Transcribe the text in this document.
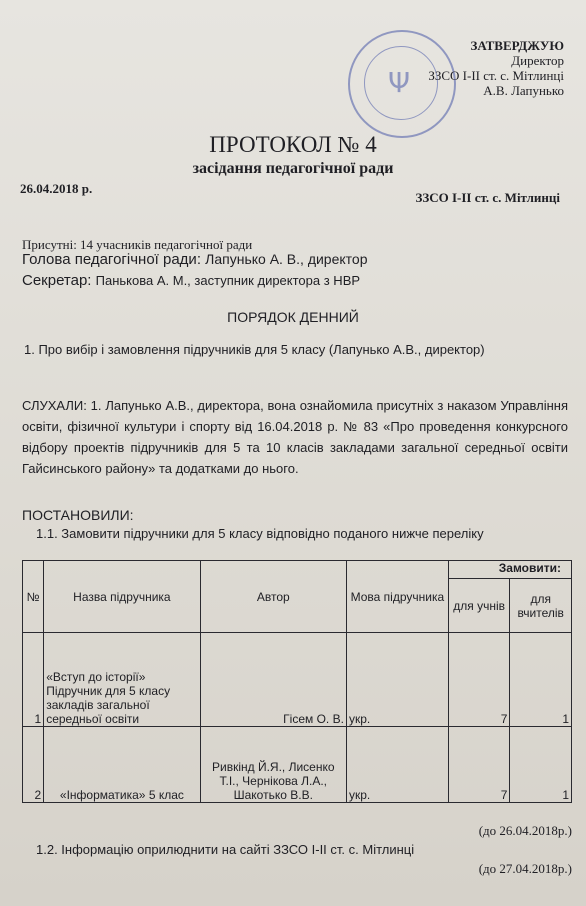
Ψ
ЗАТВЕРДЖУЮ
Директор
ЗЗСО І-ІІ ст. с. Мітлинці
А.В. Лапунько
ПРОТОКОЛ № 4
засідання педагогічної ради
26.04.2018 р.
ЗЗСО І-ІІ ст. с. Мітлинці
Присутні: 14 учасників педагогічної ради
Голова педагогічної ради: Лапунько А. В., директор
Секретар: Панькова А. М., заступник директора з НВР
ПОРЯДОК ДЕННИЙ
1. Про вибір і замовлення підручників для 5 класу (Лапунько А.В., директор)
СЛУХАЛИ: 1. Лапунько А.В., директора, вона ознайомила присутніх з наказом Управління освіти, фізичної культури і спорту від 16.04.2018 р. № 83 «Про проведення конкурсного відбору проектів підручників для 5 та 10 класів закладами загальної середньої освіти Гайсинського району» та додатками до нього.
ПОСТАНОВИЛИ:
1.1. Замовити підручники для 5 класу відповідно поданого нижче переліку
№	Назва підручника	Автор	Мова підручника	Замовити:	
				для учнів	для вчителів
1	«Вступ до історії» Підручник для 5 класу закладів загальної середньої освіти	Гісем О. В.	укр.	7	1
2	«Інформатика» 5 клас	Ривкінд Й.Я., Лисенко Т.І., Чернікова Л.А., Шакотько В.В.	укр.	7	1
(до 26.04.2018р.)
1.2. Інформацію оприлюднити на сайті ЗЗСО І-ІІ ст. с. Мітлинці
(до 27.04.2018р.)
